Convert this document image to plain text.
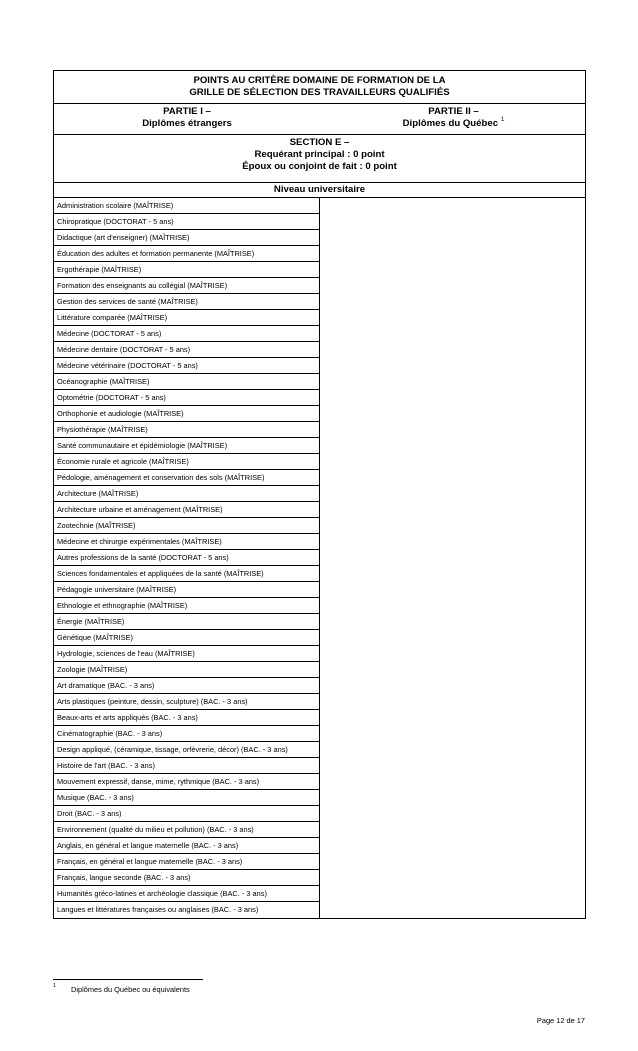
POINTS AU CRITÈRE DOMAINE DE FORMATION DE LA
GRILLE DE SÉLECTION DES TRAVAILLEURS QUALIFIÉS

PARTIE I –
Diplômes étrangers
PARTIE II –
Diplômes du Québec $^1$

SECTION E –
Requérant principal : 0 point
Époux ou conjoint de fait : 0 point

Niveau universitaire

Administration scolaire (MAÎTRISE)
Chiropratique (DOCTORAT - 5 ans)
Didactique (art d'enseigner) (MAÎTRISE)
Éducation des adultes et formation permanente (MAÎTRISE)
Ergothérapie (MAÎTRISE)
Formation des enseignants au collégial (MAÎTRISE)
Gestion des services de santé (MAÎTRISE)
Littérature comparée (MAÎTRISE)
Médecine (DOCTORAT - 5 ans)
Médecine dentaire (DOCTORAT - 5 ans)
Médecine vétérinaire (DOCTORAT - 5 ans)
Océanographie (MAÎTRISE)
Optométrie (DOCTORAT - 5 ans)
Orthophonie et audiologie (MAÎTRISE)
Physiothérapie (MAÎTRISE)
Santé communautaire et épidémiologie (MAÎTRISE)
Économie rurale et agricole (MAÎTRISE)
Pédologie, aménagement et conservation des sols (MAÎTRISE)
Architecture (MAÎTRISE)
Architecture urbaine et aménagement (MAÎTRISE)
Zootechnie (MAÎTRISE)
Médecine et chirurgie expérimentales (MAÎTRISE)
Autres professions de la santé (DOCTORAT - 5 ans)
Sciences fondamentales et appliquées de la santé (MAÎTRISE)
Pédagogie universitaire (MAÎTRISE)
Ethnologie et ethnographie (MAÎTRISE)
Énergie (MAÎTRISE)
Génétique (MAÎTRISE)
Hydrologie, sciences de l'eau (MAÎTRISE)
Zoologie (MAÎTRISE)
Art dramatique (BAC. - 3 ans)
Arts plastiques (peinture, dessin, sculpture) (BAC. - 3 ans)
Beaux-arts et arts appliqués (BAC. - 3 ans)
Cinématographie (BAC. - 3 ans)
Design appliqué, (céramique, tissage, orfèvrerie, décor) (BAC. - 3 ans)
Histoire de l'art (BAC. - 3 ans)
Mouvement expressif, danse, mime, rythmique (BAC. - 3 ans)
Musique (BAC. - 3 ans)
Droit (BAC. - 3 ans)
Environnement (qualité du milieu et pollution) (BAC. - 3 ans)
Anglais, en général et langue maternelle (BAC. - 3 ans)
Français, en général et langue maternelle (BAC. - 3 ans)
Français, langue seconde (BAC. - 3 ans)
Humanités gréco-latines et archéologie classique (BAC. - 3 ans)
Langues et littératures françaises ou anglaises (BAC. - 3 ans)

1 Diplômes du Québec ou équivalents
Page 12 de 17
